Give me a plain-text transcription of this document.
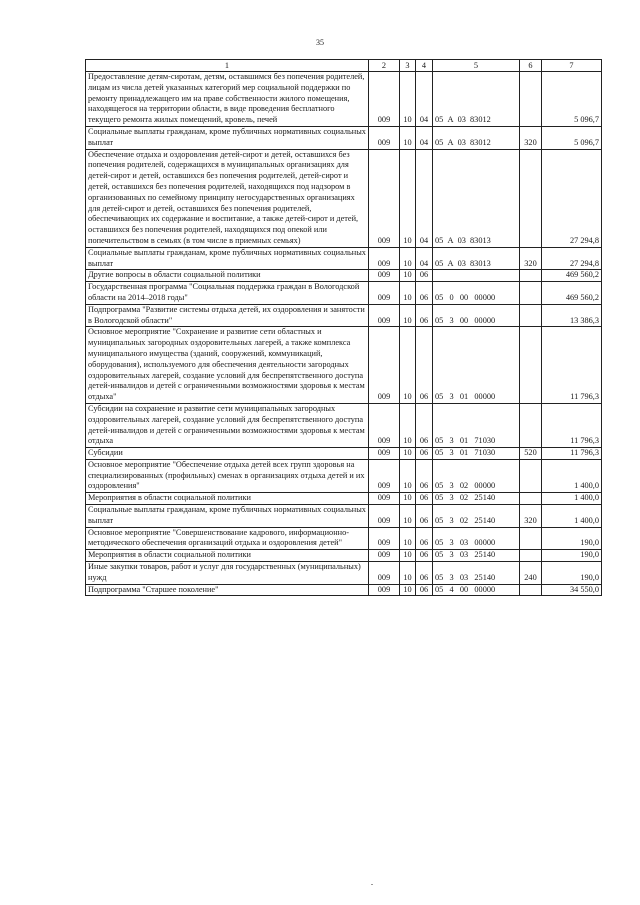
35
1	2	3	4	5	6	7
Предоставление детям-сиротам, детям, оставшимся без попечения родителей, лицам из числа детей указанных категорий мер социальной поддержки по ремонту принадлежащего им на праве собственности жилого помещения, находящегося на территории области, в виде проведения бесплатного текущего ремонта жилых помещений, кровель, печей	009	10	04	05  А  03  83012		5 096,7
Социальные выплаты гражданам, кроме публичных нормативных социальных выплат	009	10	04	05  А  03  83012	320	5 096,7
Обеспечение отдыха и оздоровления детей-сирот и детей, оставшихся без попечения родителей, содержащихся в муниципальных организациях для детей-сирот и детей, оставшихся без попечения родителей, детей-сирот и детей, оставшихся без попечения родителей, находящихся под надзором в организованных по семейному принципу негосударственных организациях для детей-сирот и детей, оставшихся без попечения родителей, обеспечивающих их содержание и воспитание, а также детей-сирот и детей, оставшихся без попечения родителей, находящихся под опекой или попечительством в семьях (в том числе в приемных семьях)	009	10	04	05  А  03  83013		27 294,8
Социальные выплаты гражданам, кроме публичных нормативных социальных выплат	009	10	04	05  А  03  83013	320	27 294,8
Другие вопросы в области социальной политики	009	10	06			469 560,2
Государственная программа "Социальная поддержка граждан в Вологодской области на 2014–2018 годы"	009	10	06	05   0   00   00000		469 560,2
Подпрограмма "Развитие системы отдыха детей, их оздоровления и занятости в Вологодской области"	009	10	06	05   3   00   00000		13 386,3
Основное мероприятие "Сохранение и развитие сети областных и муниципальных загородных оздоровительных лагерей, а также комплекса муниципального имущества (зданий, сооружений, коммуникаций, оборудования), используемого для обеспечения деятельности загородных оздоровительных лагерей, создание условий для беспрепятственного доступа детей-инвалидов и детей с ограниченными возможностями здоровья к местам отдыха"	009	10	06	05   3   01   00000		11 796,3
Субсидии на сохранение и развитие сети муниципальных загородных оздоровительных лагерей, создание условий для беспрепятственного доступа детей-инвалидов и детей с ограниченными возможностями здоровья к местам отдыха	009	10	06	05   3   01   71030		11 796,3
Субсидии	009	10	06	05   3   01   71030	520	11 796,3
Основное мероприятие "Обеспечение отдыха детей всех групп здоровья на специализированных (профильных) сменах в организациях отдыха детей и их оздоровления"	009	10	06	05   3   02   00000		1 400,0
Мероприятия в области социальной политики	009	10	06	05   3   02   25140		1 400,0
Социальные выплаты гражданам, кроме публичных нормативных социальных выплат	009	10	06	05   3   02   25140	320	1 400,0
Основное мероприятие "Совершенствование кадрового, информационно-методического обеспечения организаций отдыха и оздоровления детей"	009	10	06	05   3   03   00000		190,0
Мероприятия в области социальной политики	009	10	06	05   3   03   25140		190,0
Иные закупки товаров, работ и услуг для государственных (муниципальных) нужд	009	10	06	05   3   03   25140	240	190,0
Подпрограмма "Старшее поколение"	009	10	06	05   4   00   00000		34 550,0
